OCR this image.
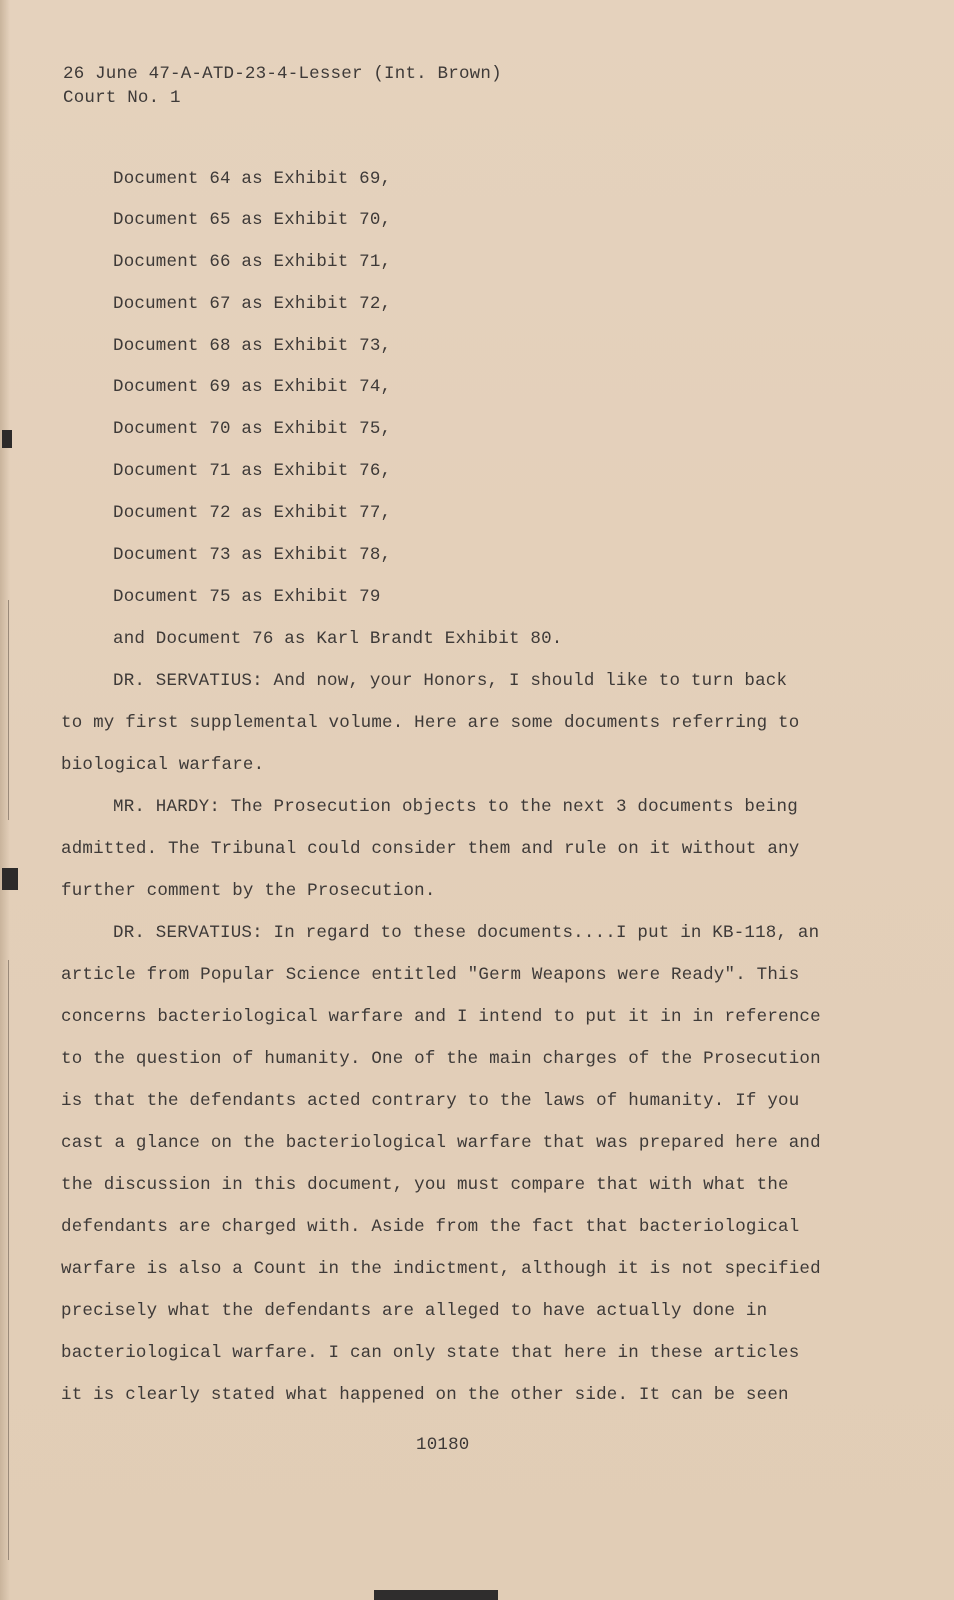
26 June 47-A-ATD-23-4-Lesser (Int. Brown)
Court No. 1
Document 64 as Exhibit 69,
Document 65 as Exhibit 70,
Document 66 as Exhibit 71,
Document 67 as Exhibit 72,
Document 68 as Exhibit 73,
Document 69 as Exhibit 74,
Document 70 as Exhibit 75,
Document 71 as Exhibit 76,
Document 72 as Exhibit 77,
Document 73 as Exhibit 78,
Document 75 as Exhibit 79
and Document 76 as Karl Brandt Exhibit 80.
DR. SERVATIUS: And now, your Honors, I should like to turn back
to my first supplemental volume. Here are some documents referring to
biological warfare.
MR. HARDY: The Prosecution objects to the next 3 documents being
admitted. The Tribunal could consider them and rule on it without any
further comment by the Prosecution.
DR. SERVATIUS: In regard to these documents....I put in KB-118, an
article from Popular Science entitled "Germ Weapons were Ready". This
concerns bacteriological warfare and I intend to put it in in reference
to the question of humanity. One of the main charges of the Prosecution
is that the defendants acted contrary to the laws of humanity. If you
cast a glance on the bacteriological warfare that was prepared here and
the discussion in this document, you must compare that with what the
defendants are charged with. Aside from the fact that bacteriological
warfare is also a Count in the indictment, although it is not specified
precisely what the defendants are alleged to have actually done in
bacteriological warfare. I can only state that here in these articles
it is clearly stated what happened on the other side. It can be seen
10180
